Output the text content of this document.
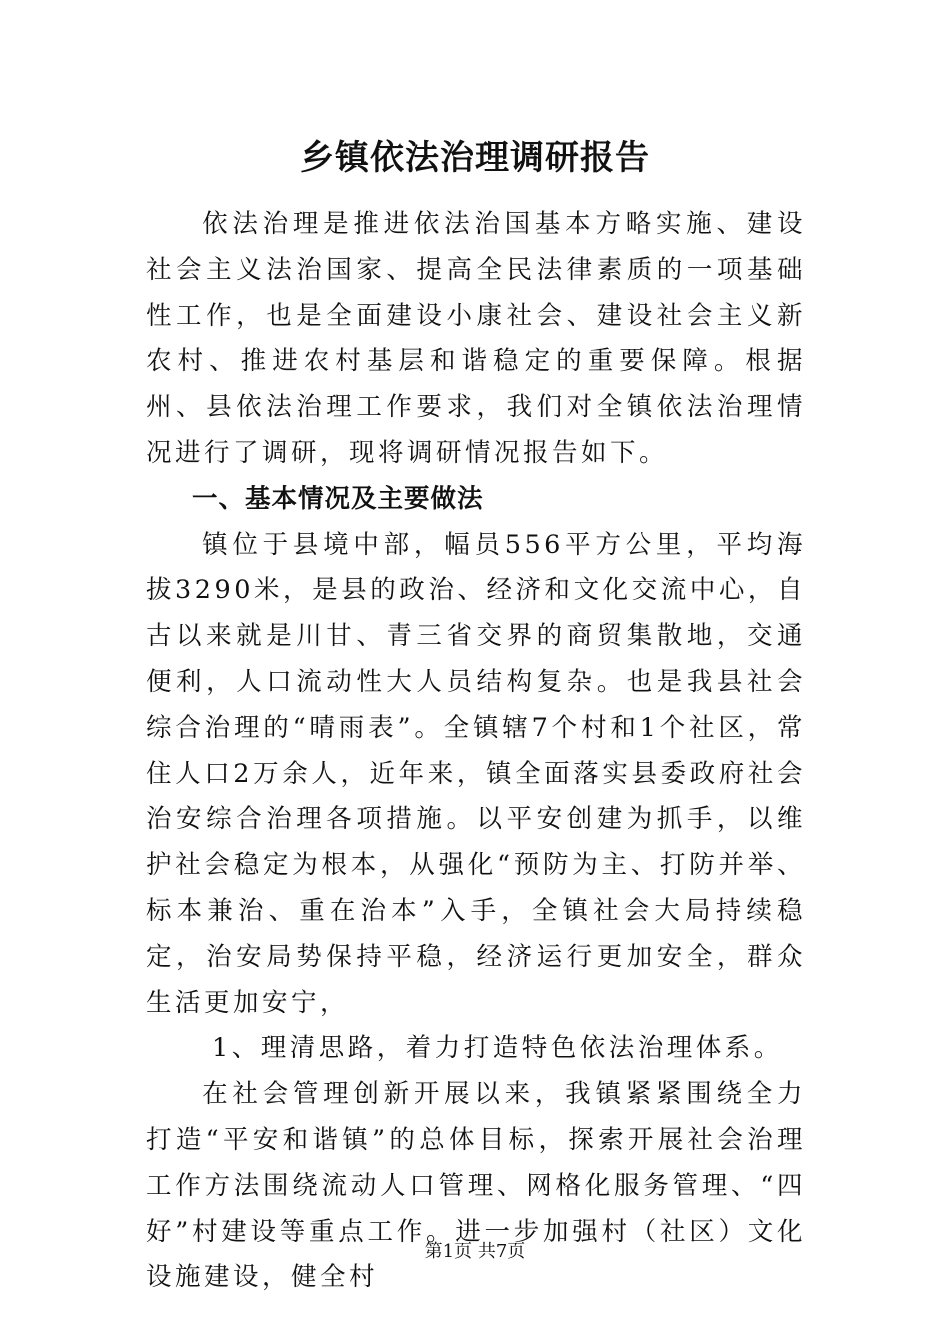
乡镇依法治理调研报告

依法治理是推进依法治国基本方略实施、建设社会主义法治国家、提高全民法律素质的一项基础性工作，也是全面建设小康社会、建设社会主义新农村、推进农村基层和谐稳定的重要保障。根据州、县依法治理工作要求，我们对全镇依法治理情况进行了调研，现将调研情况报告如下。

一、基本情况及主要做法

镇位于县境中部，幅员556平方公里，平均海拔3290米，是县的政治、经济和文化交流中心，自古以来就是川甘、青三省交界的商贸集散地，交通便利，人口流动性大人员结构复杂。也是我县社会综合治理的“晴雨表”。全镇辖7个村和1个社区，常住人口2万余人，近年来，镇全面落实县委政府社会治安综合治理各项措施。以平安创建为抓手，以维护社会稳定为根本，从强化“预防为主、打防并举、标本兼治、重在治本”入手，全镇社会大局持续稳定，治安局势保持平稳，经济运行更加安全，群众生活更加安宁，

1、理清思路，着力打造特色依法治理体系。

在社会管理创新开展以来，我镇紧紧围绕全力打造“平安和谐镇”的总体目标，探索开展社会治理工作方法围绕流动人口管理、网格化服务管理、“四好”村建设等重点工作。进一步加强村（社区）文化设施建设，健全村

第1页 共7页
